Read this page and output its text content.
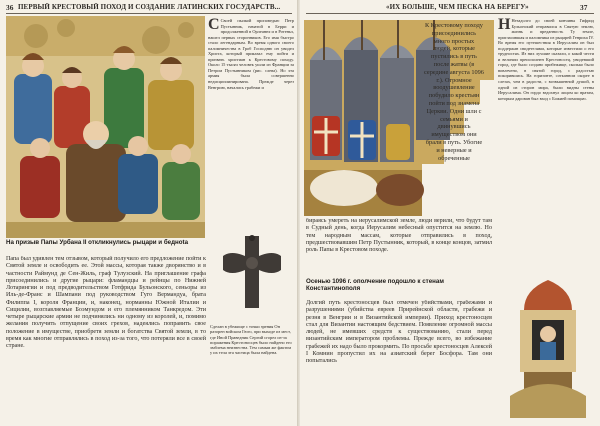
36 ПЕРВЫЙ КРЕСТОВЫЙ ПОХОД И СОЗДАНИЕ ЛАТИНСКИХ ГОСУДАРСТВ...
С Своей пылкой проповедью Петр Пустынник, начатой в Берри и продолженной в Орлеаннэ и в Ротеньэ, нашел первых сторонников. Его имя быстро стало легендарным. Во время одного своего паломничества в Гроб Господню он увидел Христа, который приказал ему пойти и призвать христиан к Крестовому походу. Около 15 тысяч человек ушли из Франции за Петром Пустынником (рис. слева). Но эта армия была совершенно недисциплинирована. Прежде через Венгрию, начались грабежи и
На призыв Папы Урбана II откликнулись рыцари и бедноta

Папа был удивлен тем отзывом, который получило его предложение пойти к Святой земле и освободить ее. Этой массы, которая также дворянство и в частности Раймунд де Сен-Жиль, граф Тулузский. На приглашение графа присоединились и другие рыцари: фламандцы и рейнцы по Нижней Лотарингии и под предводительством Готфрида Бульонского, сеньоры из Иль-де-Франс и Шампани под руководством Гуго Вермандуа, брата Филиппа I, короля Франции, и, наконец, норманны Южной Италии и Сицилии, возглавляемые Боэмундом и его племянником Танкредом. Эти четыре рыцарские армии не подчинялись ни одному из королей, и, помимо желания получить отпущение своих грехов, надеялись поправить свое положение в имуществе, приобретя земли и богатства Святой земли, в то время как многие отправлялись в поход из-за того, что потеряли все в своей стране.

Сделан в убежище с точки зрения Он разорен войском Гюго, при выходе из мест, где Иной Праведник Сергий сгорел из-за поражения Крестоносцев было найдено его эмблема неизвестна. Тем самым же фактом у их тела эта частица была найдена.
«ИХ БОЛЬШЕ, ЧЕМ ПЕСКА НА БЕРЕГУ»	37

К Крестовому походу присоединились много простых людей, которые пустились в путь после жатвы (в середине августа 1096 г.). Огромное воодушевление побудило крестьян пойти под знамена Церкви. Одни шли с семьями и двинувшись имуществом они брали в путь. Убогие и неверные и обреченные

бираясь умереть на иерусалимской земле, люди верили, что будут там в Судный день, когда Иерусалим небесный опустится на землю. Но тем народным массам, которые отправились в поход, предшествовавшим Петр Пустынник, который, в конце концов, затмил роль Папы в Крестовом походе.

Н Незадолго до своей кончины Гифрид Бульонский отправился в Святую землю, жизнь и преданность Ту земле, пригласившая и паломника из рыцарей Генриха IV. Во время его путешествия в Иерусалим он был поддержан свидетелями, которые известили о его трудностях. Из них лучшие сказали, о какой чести и величии преисполнен Крестоносец, увидевший город, где было создано прибежище, сколько было вовлечено, в святой город, с радостью покорившись. На горизонте, сотканном скорее в слезах, чем в радости, с возвышенной душой, в одной из сторон мира, были видны стены Иерусалима. Он гордо вздохнул лицом ко вратам, которым дарован был вход с Божией помощью.
Осенью 1096 г. ополчение подошло к стенам Константинополя

Долгий путь крестоносцев был отмечен убийствами, грабежами и разрушениями (убийства евреев Прирейнской области, грабежи и резня в Венгрии и в Византийской империи). Приход крестоносцев стал для Византии настоящим бедствием. Появление огромной массы людей, не имевших средств к существованию, стали перед византийским императором проблемы. Прежде всего, во избежание грабежей их надо было прокормить. По просьбе крестоносцев Алексей I Комнин пропустил их на азиатский берег Босфора. Там они попытались
